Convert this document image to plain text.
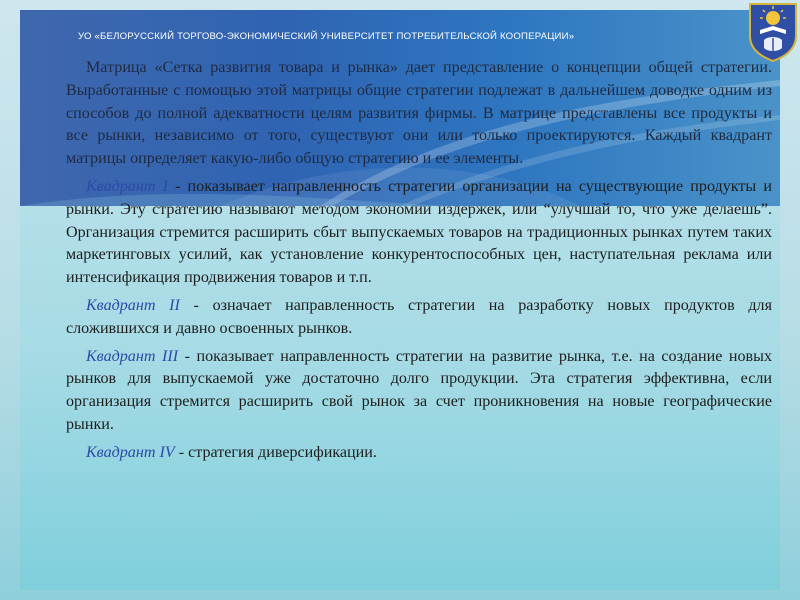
УО «БЕЛОРУССКИЙ ТОРГОВО-ЭКОНОМИЧЕСКИЙ УНИВЕРСИТЕТ ПОТРЕБИТЕЛЬСКОЙ КООПЕРАЦИИ»

Матрица «Сетка развития товара и рынка» дает представление о концепции общей стратегии. Выработанные с помощью этой матрицы общие стратегии подлежат в дальнейшем доводке одним из способов до полной адекватности целям развития фирмы. В матрице представлены все продукты и все рынки, независимо от того, существуют они или только проектируются. Каждый квадрант матрицы определяет какую-либо общую стратегию и ее элементы.

Квадрант I - показывает направленность стратегии организации на существующие продукты и рынки. Эту стратегию называют методом экономии издержек, или “улучшай то, что уже делаешь”. Организация стремится расширить сбыт выпускаемых товаров на традиционных рынках путем таких маркетинговых усилий, как установление конкурентоспособных цен, наступательная реклама или интенсификация продвижения товаров и т.п.

Квадрант II - означает направленность стратегии на разработку новых продуктов для сложившихся и давно освоенных рынков.

Квадрант III - показывает направленность стратегии на развитие рынка, т.е. на создание новых рынков для выпускаемой уже достаточно долго продукции. Эта стратегия эффективна, если организация стремится расширить свой рынок за счет проникновения на новые географические рынки.

Квадрант IV - стратегия диверсификации.
